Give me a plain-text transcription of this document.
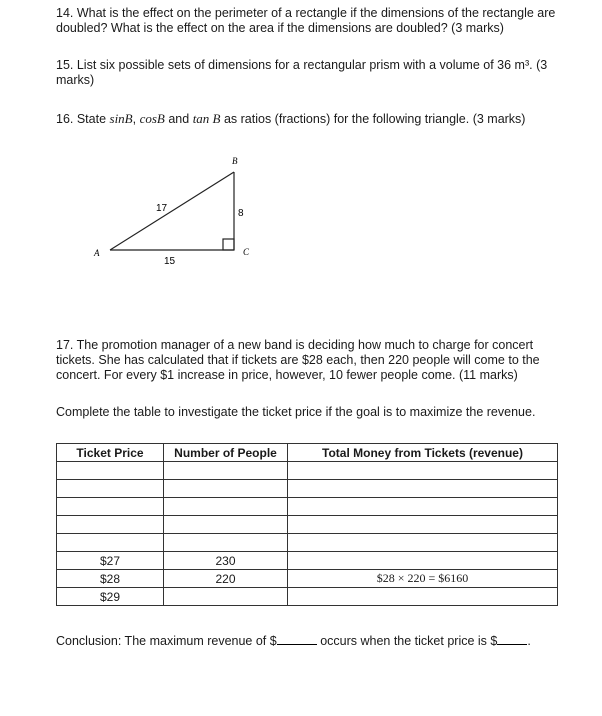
14. What is the effect on the perimeter of a rectangle if the dimensions of the rectangle are doubled? What is the effect on the area if the dimensions are doubled? (3 marks)
15. List six possible sets of dimensions for a rectangular prism with a volume of 36 m³. (3 marks)
16. State sinB, cosB and tan B as ratios (fractions) for the following triangle. (3 marks)
A
B
C
17	8
15
17. The promotion manager of a new band is deciding how much to charge for concert tickets. She has calculated that if tickets are $28 each, then 220 people will come to the concert. For every $1 increase in price, however, 10 fewer people come. (11 marks)
Complete the table to investigate the ticket price if the goal is to maximize the revenue.
Ticket Price	Number of People	Total Money from Tickets (revenue)

$27	230	
$28	220	$28 × 220 = $6160
$29		
Conclusion: The maximum revenue of $	occurs when the ticket price is $ .
